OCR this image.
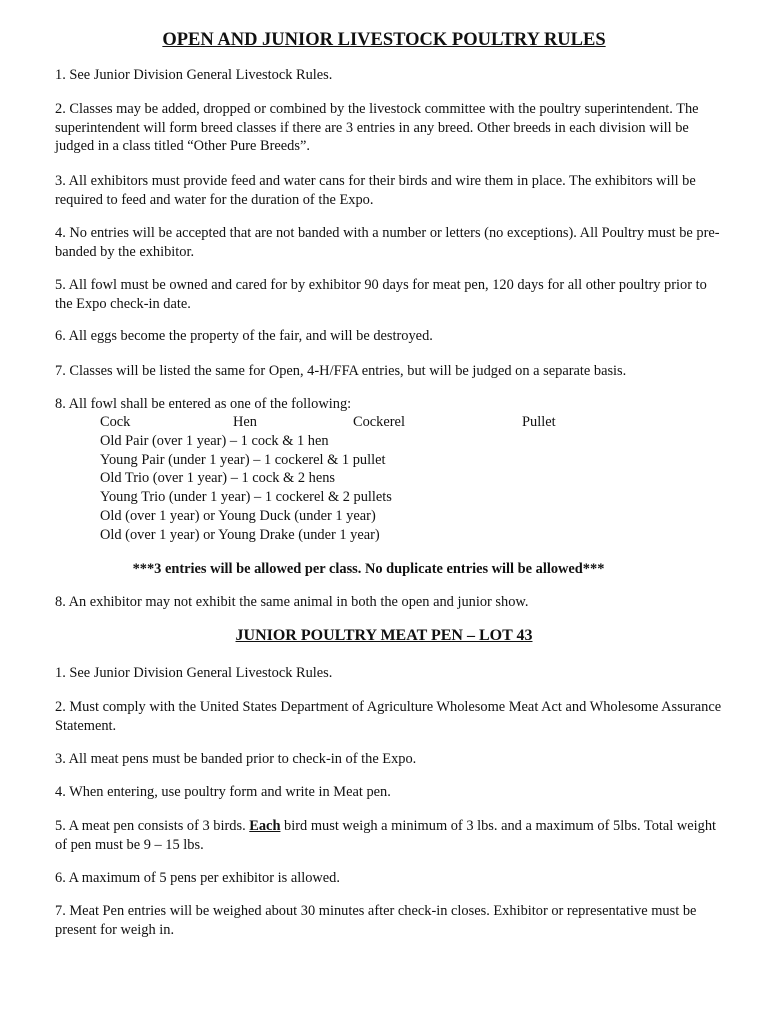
OPEN AND JUNIOR LIVESTOCK POULTRY RULES

1. See Junior Division General Livestock Rules.

2. Classes may be added, dropped or combined by the livestock committee with the poultry superintendent. The superintendent will form breed classes if there are 3 entries in any breed. Other breeds in each division will be judged in a class titled “Other Pure Breeds”.

3. All exhibitors must provide feed and water cans for their birds and wire them in place. The exhibitors will be required to feed and water for the duration of the Expo.

4. No entries will be accepted that are not banded with a number or letters (no exceptions). All Poultry must be pre-banded by the exhibitor.

5. All fowl must be owned and cared for by exhibitor 90 days for meat pen, 120 days for all other poultry prior to the Expo check-in date.

6. All eggs become the property of the fair, and will be destroyed.

7. Classes will be listed the same for Open, 4-H/FFA entries, but will be judged on a separate basis.

8. All fowl shall be entered as one of the following:

Cock	Hen	Cockerel	Pullet
Old Pair (over 1 year) – 1 cock & 1 hen
Young Pair (under 1 year) – 1 cockerel & 1 pullet
Old Trio (over 1 year) – 1 cock & 2 hens
Young Trio (under 1 year) – 1 cockerel & 2 pullets
Old (over 1 year) or Young Duck (under 1 year)
Old (over 1 year) or Young Drake (under 1 year)
***3 entries will be allowed per class. No duplicate entries will be allowed***

8. An exhibitor may not exhibit the same animal in both the open and junior show.

JUNIOR POULTRY MEAT PEN – LOT 43

1. See Junior Division General Livestock Rules.

2. Must comply with the United States Department of Agriculture Wholesome Meat Act and Wholesome Assurance Statement.

3. All meat pens must be banded prior to check-in of the Expo.

4. When entering, use poultry form and write in Meat pen.

5. A meat pen consists of 3 birds. Each bird must weigh a minimum of 3 lbs. and a maximum of 5lbs. Total weight of pen must be 9 – 15 lbs.

6. A maximum of 5 pens per exhibitor is allowed.

7. Meat Pen entries will be weighed about 30 minutes after check-in closes. Exhibitor or representative must be present for weigh in.
